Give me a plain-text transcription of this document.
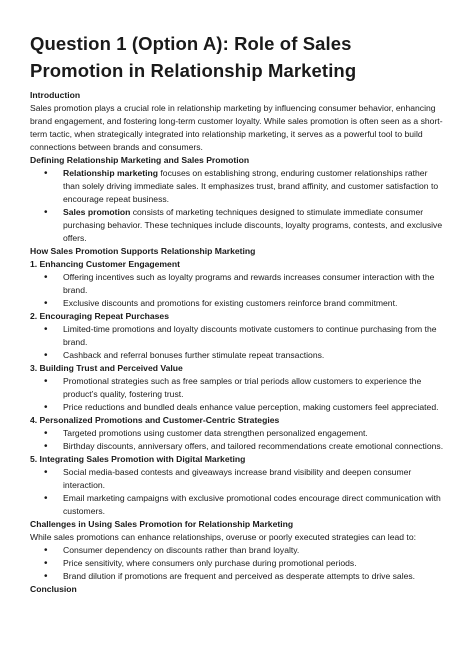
Question 1 (Option A): Role of Sales Promotion in Relationship Marketing
Introduction
Sales promotion plays a crucial role in relationship marketing by influencing consumer behavior, enhancing brand engagement, and fostering long-term customer loyalty. While sales promotion is often seen as a short-term tactic, when strategically integrated into relationship marketing, it serves as a powerful tool to build connections between brands and consumers.
Defining Relationship Marketing and Sales Promotion
• Relationship marketing focuses on establishing strong, enduring customer relationships rather than solely driving immediate sales. It emphasizes trust, brand affinity, and customer satisfaction to encourage repeat business.
• Sales promotion consists of marketing techniques designed to stimulate immediate consumer purchasing behavior. These techniques include discounts, loyalty programs, contests, and exclusive offers.
How Sales Promotion Supports Relationship Marketing
1. Enhancing Customer Engagement
• Offering incentives such as loyalty programs and rewards increases consumer interaction with the brand.
• Exclusive discounts and promotions for existing customers reinforce brand commitment.
2. Encouraging Repeat Purchases
• Limited-time promotions and loyalty discounts motivate customers to continue purchasing from the brand.
• Cashback and referral bonuses further stimulate repeat transactions.
3. Building Trust and Perceived Value
• Promotional strategies such as free samples or trial periods allow customers to experience the product’s quality, fostering trust.
• Price reductions and bundled deals enhance value perception, making customers feel appreciated.
4. Personalized Promotions and Customer-Centric Strategies
• Targeted promotions using customer data strengthen personalized engagement.
• Birthday discounts, anniversary offers, and tailored recommendations create emotional connections.
5. Integrating Sales Promotion with Digital Marketing
• Social media-based contests and giveaways increase brand visibility and deepen consumer interaction.
• Email marketing campaigns with exclusive promotional codes encourage direct communication with customers.
Challenges in Using Sales Promotion for Relationship Marketing
While sales promotions can enhance relationships, overuse or poorly executed strategies can lead to:
• Consumer dependency on discounts rather than brand loyalty.
• Price sensitivity, where consumers only purchase during promotional periods.
• Brand dilution if promotions are frequent and perceived as desperate attempts to drive sales.
Conclusion
